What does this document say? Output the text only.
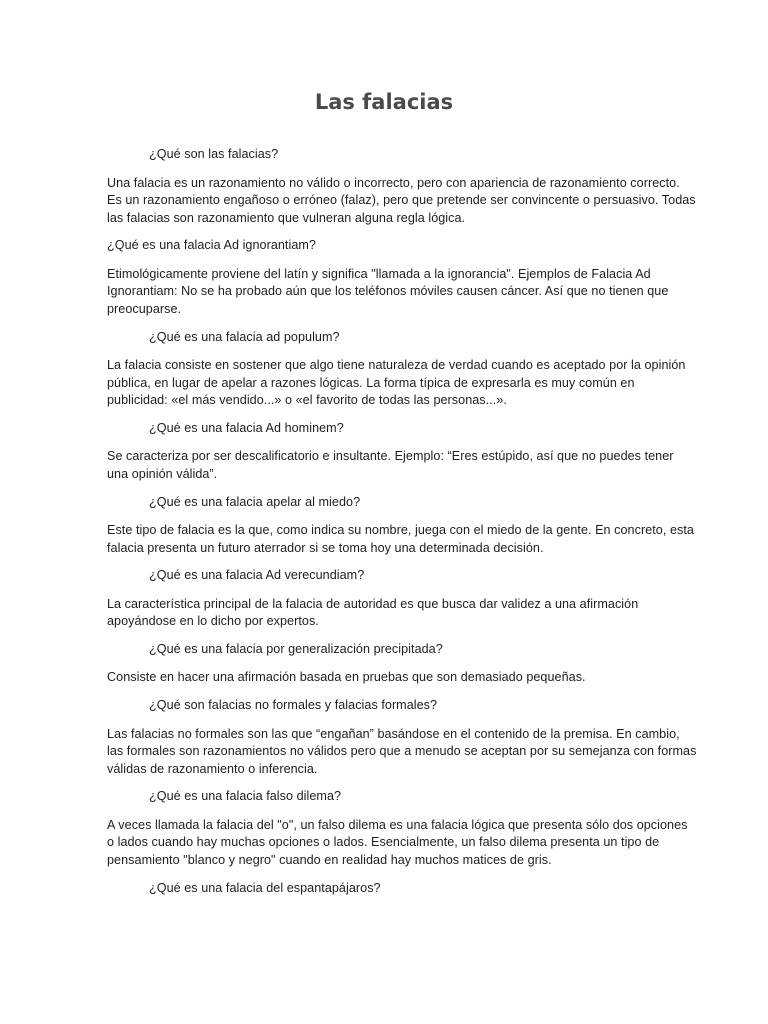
Las falacias

¿Qué son las falacias?

Una falacia es un razonamiento no válido o incorrecto, pero con apariencia de razonamiento correcto. Es un razonamiento engañoso o erróneo (falaz), pero que pretende ser convincente o persuasivo. Todas las falacias son razonamiento que vulneran alguna regla lógica.

¿Qué es una falacia Ad ignorantiam?

Etimológicamente proviene del latín y significa "llamada a la ignorancia". Ejemplos de Falacia Ad Ignorantiam: No se ha probado aún que los teléfonos móviles causen cáncer. Así que no tienen que preocuparse.

¿Qué es una falacia ad populum?

La falacia consiste en sostener que algo tiene naturaleza de verdad cuando es aceptado por la opinión pública, en lugar de apelar a razones lógicas. La forma típica de expresarla es muy común en publicidad: «el más vendido...» o «el favorito de todas las personas...».

¿Qué es una falacia Ad hominem?

Se caracteriza por ser descalificatorio e insultante. Ejemplo: “Eres estúpido, así que no puedes tener una opinión válida”.

¿Qué es una falacia apelar al miedo?

Este tipo de falacia es la que, como indica su nombre, juega con el miedo de la gente. En concreto, esta falacia presenta un futuro aterrador si se toma hoy una determinada decisión.

¿Qué es una falacia Ad verecundiam?

La característica principal de la falacia de autoridad es que busca dar validez a una afirmación apoyándose en lo dicho por expertos.

¿Qué es una falacia por generalización precipitada?

Consiste en hacer una afirmación basada en pruebas que son demasiado pequeñas.

¿Qué son falacias no formales y falacias formales?

Las falacias no formales son las que “engañan” basándose en el contenido de la premisa. En cambio, las formales son razonamientos no válidos pero que a menudo se aceptan por su semejanza con formas válidas de razonamiento o inferencia.

¿Qué es una falacia falso dilema?

A veces llamada la falacia del "o", un falso dilema es una falacia lógica que presenta sólo dos opciones o lados cuando hay muchas opciones o lados. Esencialmente, un falso dilema presenta un tipo de pensamiento "blanco y negro" cuando en realidad hay muchos matices de gris.

¿Qué es una falacia del espantapájaros?
